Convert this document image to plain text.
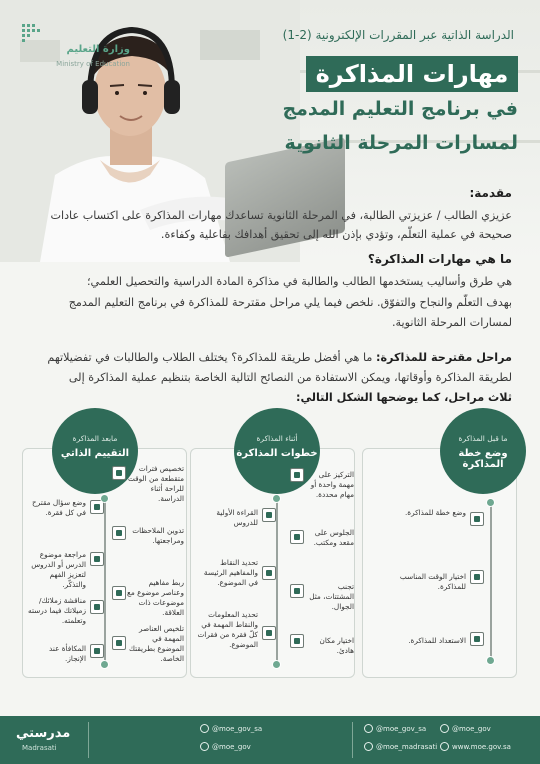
وزارة التعليم
Ministry of Education
الدراسة الذاتية عبر المقررات الإلكترونية (2-1)
مهارات المذاكرة
في برنامج التعليم المدمج
لمسارات المرحلة الثانوية
مقدمة:
عزيزي الطالب / عزيزتي الطالبة، في المرحلة الثانوية تساعدك مهارات المذاكرة على اكتساب عادات
صحيحة في عملية التعلّم، وتؤدي بإذن الله إلى تحقيق أهدافك بفاعلية وكفاءة.
ما هي مهارات المذاكرة؟
هي طرق وأساليب يستخدمها الطالب والطالبة في مذاكرة المادة الدراسية والتحصيل العلمي؛
بهدف التعلّم والنجاح والتفوّق. نلخص فيما يلي مراحل مقترحة للمذاكرة في برنامج التعليم المدمج
لمسارات المرحلة الثانوية.
مراحل مقترحة للمذاكرة: ما هي أفضل طريقة للمذاكرة؟ يختلف الطلاب والطالبات في تفضيلاتهم
لطريقة المذاكرة وأوقاتها، ويمكن الاستفادة من النصائح التالية الخاصة بتنظيم عملية المذاكرة إلى
ثلاث مراحل، كما يوضحها الشكل التالي:
ما قبل المذاكرة
وضع خطة المذاكرة
وضع خطة للمذاكرة.
اختيار الوقت المناسب للمذاكرة.
الاستعداد للمذاكرة.
أثناء المذاكرة
خطوات المذاكرة
التركيز على مهمة واحدة أو مهام محددة.
القراءة الأولية للدروس
الجلوس على مقعد ومكتب.
تحديد النقاط والمفاهيم الرئيسة في الموضوع.	تجنب المشتتات، مثل الجوال.
تحديد المعلومات والنقاط المهمة في كلّ فقرة من فقرات الموضوع.	اختيار مكان هادئ.
مابعد المذاكرة
التقييم الذاتي
تخصيص فترات متقطعة من الوقت للراحة أثناء الدراسة.
وضع سؤال مقترح في كل فقرة.
تدوين الملاحظات ومراجعتها.
مراجعة موضوع الدرس أو الدروس لتعزيز الفهم والتذكّر.	ربط مفاهيم وعناصر موضوع مع موضوعات ذات العلاقة.
مناقشة زملائك/ زميلاتك فيما درسته وتعلمته.
تلخيص العناصر المهمة في الموضوع بطريقتك الخاصة.
المكافأة عند الإنجاز.
مدرستي
Madrasati
@moe_gov_sa
@moe_madrasati
@moe_gov
www.moe.gov.sa
@moe_gov_sa
@moe_gov
